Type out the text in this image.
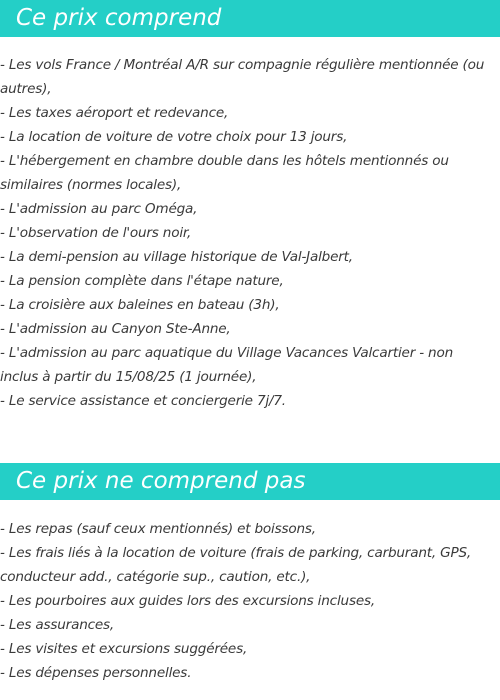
Ce prix comprend
- Les vols France / Montréal A/R sur compagnie régulière mentionnée (ou autres),
- Les taxes aéroport et redevance,
- La location de voiture de votre choix pour 13 jours,
- L'hébergement en chambre double dans les hôtels mentionnés ou similaires (normes locales),
- L'admission au parc Oméga,
- L'observation de l'ours noir,
- La demi-pension au village historique de Val-Jalbert,
- La pension complète dans l'étape nature,
- La croisière aux baleines en bateau (3h),
- L'admission au Canyon Ste-Anne,
- L'admission au parc aquatique du Village Vacances Valcartier - non inclus à partir du 15/08/25 (1 journée),
- Le service assistance et conciergerie 7j/7.
Ce prix ne comprend pas
- Les repas (sauf ceux mentionnés) et boissons,
- Les frais liés à la location de voiture (frais de parking, carburant, GPS, conducteur add., catégorie sup., caution, etc.),
- Les pourboires aux guides lors des excursions incluses,
- Les assurances,
- Les visites et excursions suggérées,
- Les dépenses personnelles.
